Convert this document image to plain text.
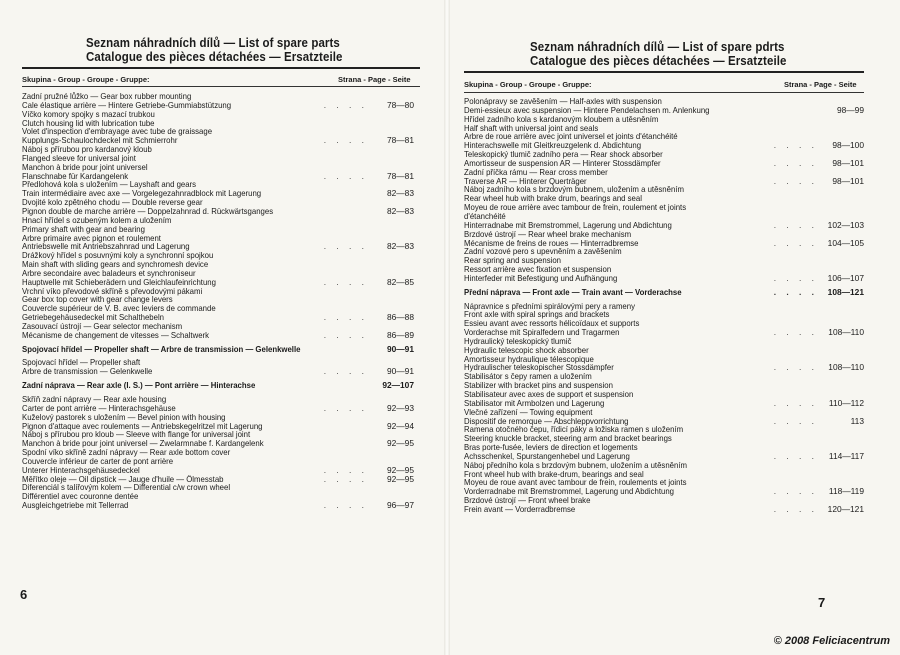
Seznam náhradních dílů — List of spare parts
Catalogue des pièces détachées — Ersatzteile
Skupina - Group - Groupe - Gruppe:	Strana - Page - Seite
Zadní pružné lůžko — Gear box rubber mounting
Cale élastique arrière — Hintere Getriebe-Gummiabstützung	. . . . 78—80
Víčko komory spojky s mazací trubkou
Clutch housing lid with lubrication tube
Volet d'inspection d'embrayage avec tube de graissage
Kupplungs-Schaulochdeckel mit Schmierrohr	. . . . 78—81
Náboj s přírubou pro kardanový kloub
Flanged sleeve for universal joint
Manchon à bride pour joint universel
Flanschnabe für Kardangelenk	. . . . 78—81
Předlohová kola s uložením — Layshaft and gears
Train intermédiaire avec axe — Vorgelegezahnradblock mit Lagerung	82—83
Dvojité kolo zpětného chodu — Double reverse gear
Pignon double de marche arrière — Doppelzahnrad d. Rückwärtsganges	82—83
Hnací hřídel s ozubeným kolem a uložením
Primary shaft with gear and bearing
Arbre primaire avec pignon et roulement
Antriebswelle mit Antriebszahnrad und Lagerung	. . . . 82—83
Drážkový hřídel s posuvnými koly a synchronní spojkou
Main shaft with sliding gears and synchromesh device
Arbre secondaire avec baladeurs et synchroniseur
Hauptwelle mit Schieberädern und Gleichlaufeinrichtung	. . . . 82—85
Vrchní víko převodové skříně s převodovými pákami
Gear box top cover with gear change levers
Couvercle supérieur de V. B. avec leviers de commande
Getriebegehäusedeckel mit Schalthebeln	. . . . 86—88
Zasouvací ústrojí — Gear selector mechanism
Mécanisme de changement de vitesses — Schaltwerk	. . . . 86—89
Spojovací hřídel — Propeller shaft — Arbre de transmission — Gelenkwelle	90—91
Spojovací hřídel — Propeller shaft
Arbre de transmission — Gelenkwelle	. . . . 90—91
Zadní náprava — Rear axle (I. S.) — Pont arrière — Hinterachse	92—107
Skříň zadní nápravy — Rear axle housing
Carter de pont arrière — Hinterachsgehäuse	. . . . 92—93
Kuželový pastorek s uložením — Bevel pinion with housing
Pignon d'attaque avec roulements — Antriebskegelritzel mit Lagerung	92—94
Náboj s přírubou pro kloub — Sleeve with flange for universal joint
Manchon à bride pour joint universel — Zwelarmnabe f. Kardangelenk	92—95
Spodní víko skříně zadní nápravy — Rear axle bottom cover
Couvercle inférieur de carter de pont arrière
Unterer Hinterachsgehäusedeckel	. . . . 92—95
Měřítko oleje — Oil dipstick — Jauge d'huile — Ölmesstab	. . . . 92—95
Diferenciál s talířovým kolem — Differential c/w crown wheel
Différentiel avec couronne dentée
Ausgleichgetriebe mit Tellerrad	. . . . 96—97
6
Seznam náhradních dílů — List of spare pdrts
Catalogue des pièces détachées — Ersatzteile
Skupina - Group - Groupe - Gruppe:	Strana - Page - Seite
Polonápravy se zavěšením — Half-axles with suspension
Demi-essieux avec suspension — Hintere Pendelachsen m. Anlenkung	98—99
Hřídel zadního kola s kardanovým kloubem a utěsněním
Half shaft with universal joint and seals
Arbre de roue arrière avec joint universel et joints d'étanchéité
Hinterachswelle mit Gleitkreuzgelenk d. Abdichtung	. . . . 98—100
Teleskopický tlumič zadního pera — Rear shock absorber
Amortisseur de suspension AR — Hinterer Stossdämpfer	. . . . 98—101
Zadní příčka rámu — Rear cross member
Traverse AR — Hinterer Querträger	. . . . 98—101
Náboj zadního kola s brzdovým bubnem, uložením a utěsněním
Rear wheel hub with brake drum, bearings and seal
Moyeu de roue arrière avec tambour de frein, roulement et joints
d'étanchéité
Hinterradnabe mit Bremstrommel, Lagerung und Abdichtung	. . . . 102—103
Brzdové ústrojí — Rear wheel brake mechanism
Mécanisme de freins de roues — Hinterradbremse	. . . . 104—105
Zadní vozové pero s upevněním a zavěšením
Rear spring and suspension
Ressort arrière avec fixation et suspension
Hinterfeder mit Befestigung und Aufhängung	. . . . 106—107
Přední náprava — Front axle — Train avant — Vorderachse	. . . . 108—121
Nápravnice s předními spirálovými pery a rameny
Front axle with spiral springs and brackets
Essieu avant avec ressorts hélicoïdaux et supports
Vorderachse mit Spiralfedern und Tragarmen	. . . . 108—110
Hydraulický teleskopický tlumič
Hydraulic telescopic shock absorber
Amortisseur hydraulique télescopique
Hydraulischer teleskopischer Stossdämpfer	. . . . 108—110
Stabilisátor s čepy ramen a uložením
Stabilizer with bracket pins and suspension
Stabilisateur avec axes de support et suspension
Stabilisator mit Armbolzen und Lagerung	. . . . 110—112
Vlečné zařízení — Towing equipment
Dispositif de remorque — Abschleppvorrichtung	. . . .	113
Ramena otočného čepu, řídicí páky a ložiska ramen s uložením
Steering knuckle bracket, steering arm and bracket bearings
Bras porte-fusée, leviers de direction et logements
Achsschenkel, Spurstangenhebel und Lagerung	. . . . 114—117
Náboj předního kola s brzdovým bubnem, uložením a utěsněním
Front wheel hub with brake-drum, bearings and seal
Moyeu de roue avant avec tambour de frein, roulements et joints
Vorderradnabe mit Bremstrommel, Lagerung und Abdichtung	. . . . 118—119
Brzdové ústrojí — Front wheel brake
Frein avant — Vorderradbremse	. . . . 120—121
7
© 2008 Feliciacentrum
